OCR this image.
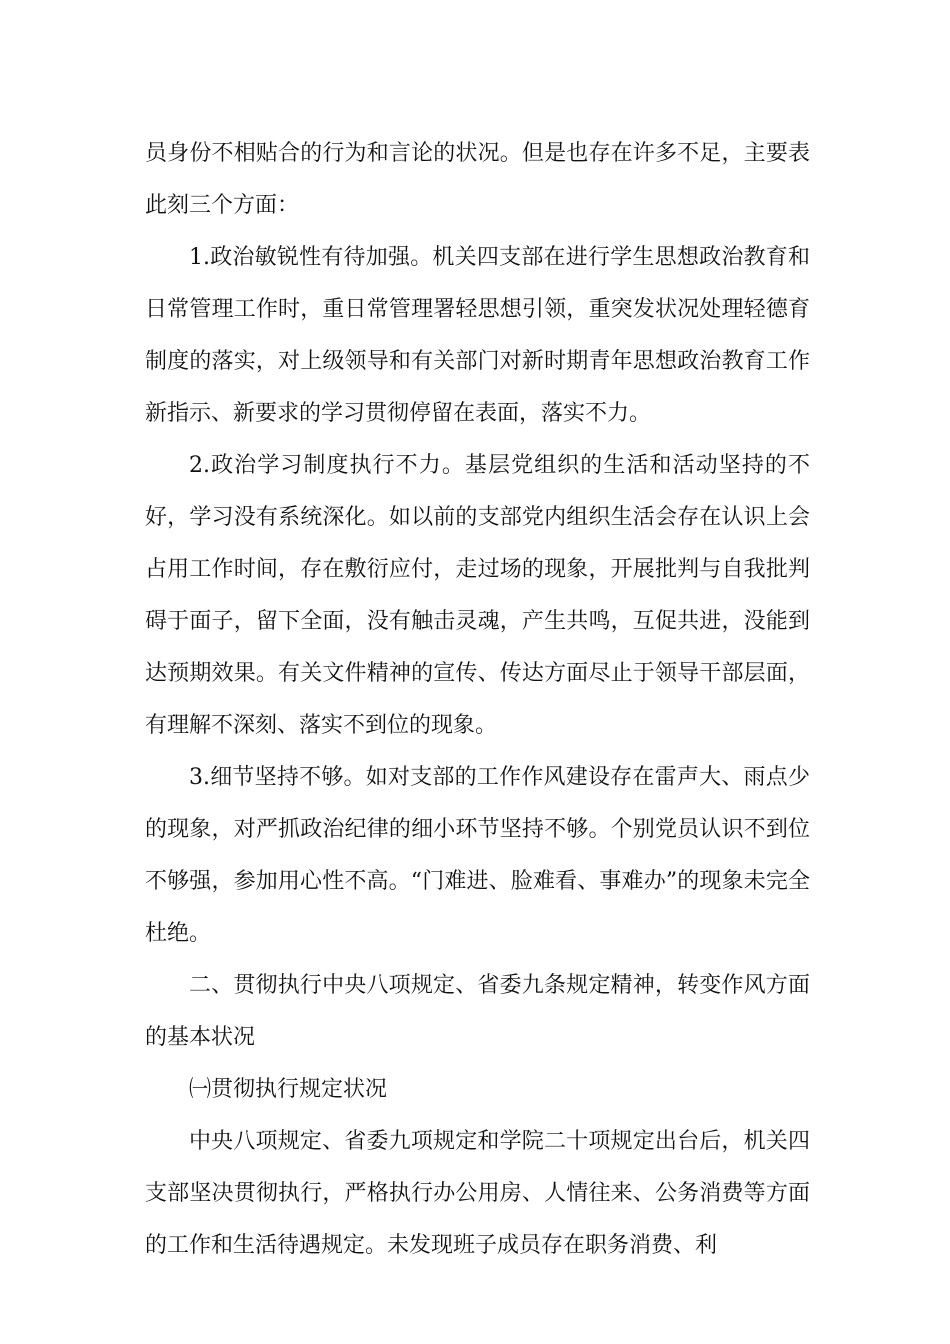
员身份不相贴合的行为和言论的状况。但是也存在许多不足，主要表此刻三个方面：

1.政治敏锐性有待加强。机关四支部在进行学生思想政治教育和日常管理工作时，重日常管理署轻思想引领，重突发状况处理轻德育制度的落实，对上级领导和有关部门对新时期青年思想政治教育工作新指示、新要求的学习贯彻停留在表面，落实不力。

2.政治学习制度执行不力。基层党组织的生活和活动坚持的不好，学习没有系统深化。如以前的支部党内组织生活会存在认识上会占用工作时间，存在敷衍应付，走过场的现象，开展批判与自我批判碍于面子，留下全面，没有触击灵魂，产生共鸣，互促共进，没能到达预期效果。有关文件精神的宣传、传达方面尽止于领导干部层面，有理解不深刻、落实不到位的现象。

3.细节坚持不够。如对支部的工作作风建设存在雷声大、雨点少的现象，对严抓政治纪律的细小环节坚持不够。个别党员认识不到位不够强，参加用心性不高。“门难进、脸难看、事难办”的现象未完全杜绝。

二、贯彻执行中央八项规定、省委九条规定精神，转变作风方面的基本状况

㈠贯彻执行规定状况

中央八项规定、省委九项规定和学院二十项规定出台后，机关四支部坚决贯彻执行，严格执行办公用房、人情往来、公务消费等方面的工作和生活待遇规定。未发现班子成员存在职务消费、利
